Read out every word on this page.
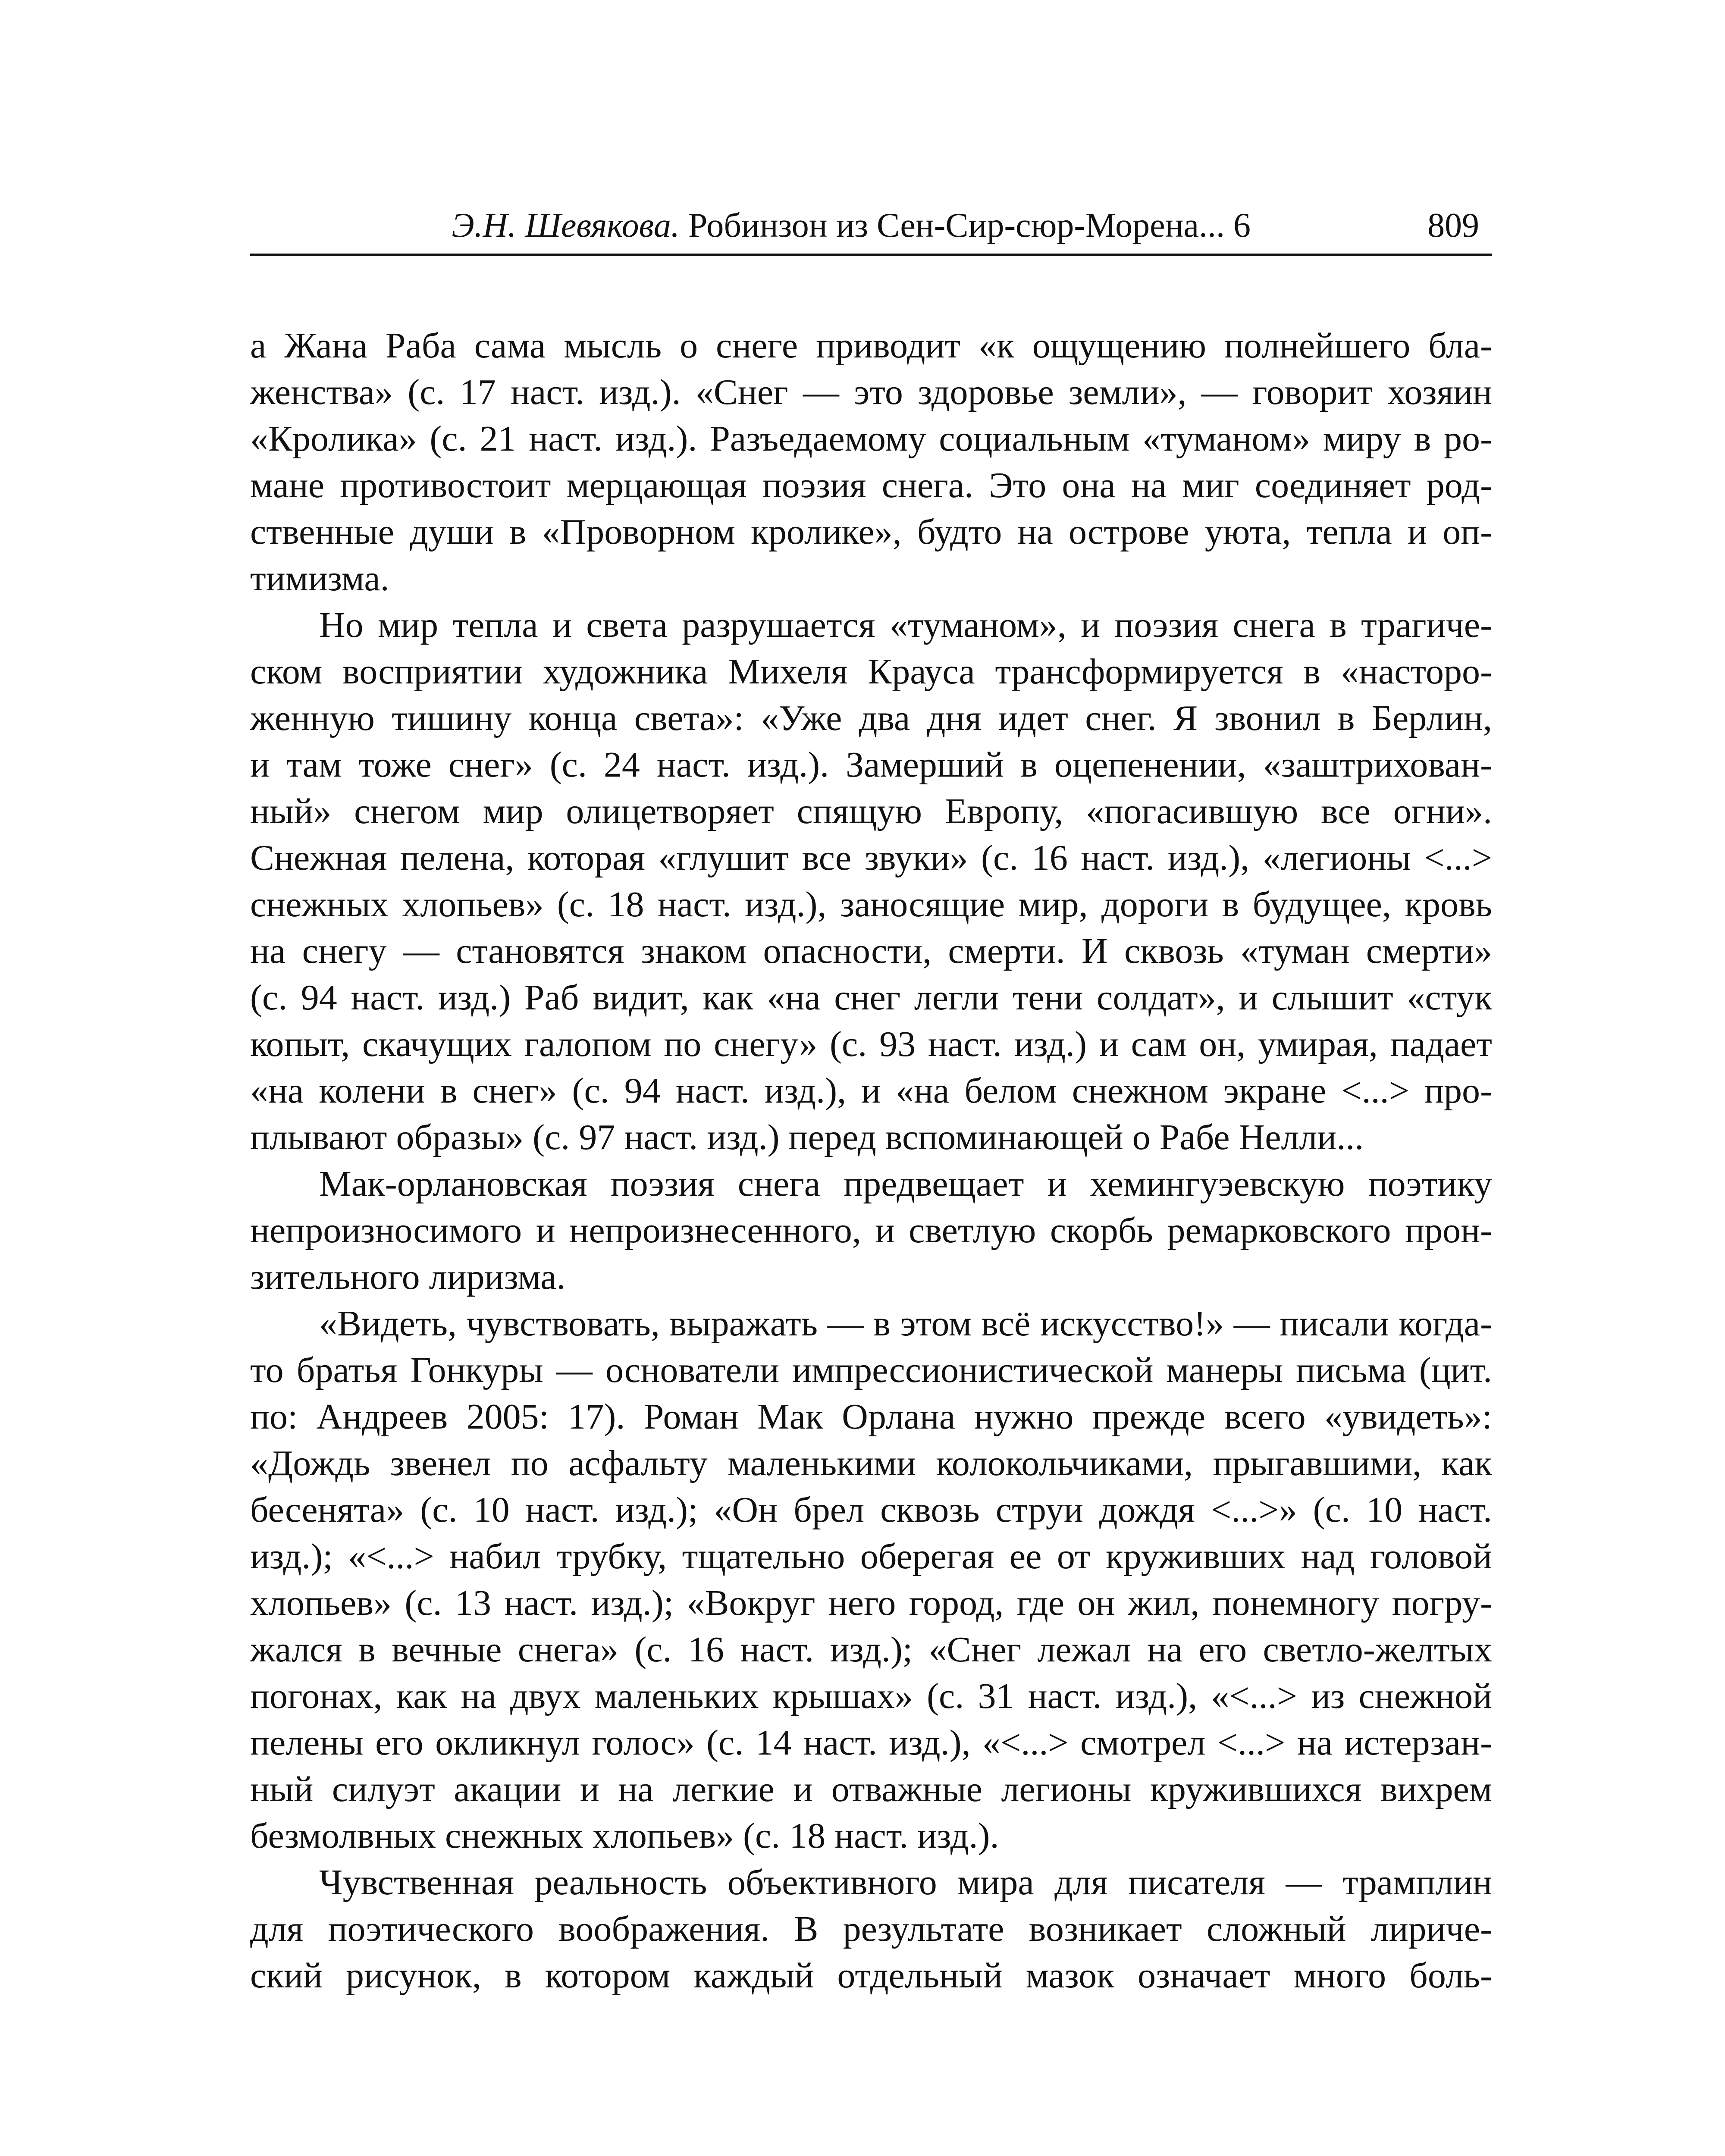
Э.Н. Шевякова. Робинзон из Сен-Сир-сюр-Морена... 6	809
а Жана Раба сама мысль о снеге приводит «к ощущению полнейшего бла-
женства» (с. 17 наст. изд.). «Снег — это здоровье земли», — говорит хозяин
«Кролика» (с. 21 наст. изд.). Разъедаемому социальным «туманом» миру в ро-
мане противостоит мерцающая поэзия снега. Это она на миг соединяет род-
ственные души в «Проворном кролике», будто на острове уюта, тепла и оп-
тимизма.
Но мир тепла и света разрушается «туманом», и поэзия снега в трагиче-
ском восприятии художника Михеля Крауса трансформируется в «насторо-
женную тишину конца света»: «Уже два дня идет снег. Я звонил в Берлин,
и там тоже снег» (с. 24 наст. изд.). Замерший в оцепенении, «заштрихован-
ный» снегом мир олицетворяет спящую Европу, «погасившую все огни».
Снежная пелена, которая «глушит все звуки» (с. 16 наст. изд.), «легионы <...>
снежных хлопьев» (с. 18 наст. изд.), заносящие мир, дороги в будущее, кровь
на снегу — становятся знаком опасности, смерти. И сквозь «туман смерти»
(с. 94 наст. изд.) Раб видит, как «на снег легли тени солдат», и слышит «стук
копыт, скачущих галопом по снегу» (с. 93 наст. изд.) и сам он, умирая, падает
«на колени в снег» (с. 94 наст. изд.), и «на белом снежном экране <...> про-
плывают образы» (с. 97 наст. изд.) перед вспоминающей о Рабе Нелли...
Мак-орлановская поэзия снега предвещает и хемингуэевскую поэтику
непроизносимого и непроизнесенного, и светлую скорбь ремарковского прон-
зительного лиризма.
«Видеть, чувствовать, выражать — в этом всё искусство!» — писали когда-
то братья Гонкуры — основатели импрессионистической манеры письма (цит.
по: Андреев 2005: 17). Роман Мак Орлана нужно прежде всего «увидеть»:
«Дождь звенел по асфальту маленькими колокольчиками, прыгавшими, как
бесенята» (с. 10 наст. изд.); «Он брел сквозь струи дождя <...>» (с. 10 наст.
изд.); «<...> набил трубку, тщательно оберегая ее от круживших над головой
хлопьев» (с. 13 наст. изд.); «Вокруг него город, где он жил, понемногу погру-
жался в вечные снега» (с. 16 наст. изд.); «Снег лежал на его светло-желтых
погонах, как на двух маленьких крышах» (с. 31 наст. изд.), «<...> из снежной
пелены его окликнул голос» (с. 14 наст. изд.), «<...> смотрел <...> на истерзан-
ный силуэт акации и на легкие и отважные легионы кружившихся вихрем
безмолвных снежных хлопьев» (с. 18 наст. изд.).
Чувственная реальность объективного мира для писателя — трамплин
для поэтического воображения. В результате возникает сложный лириче-
ский рисунок, в котором каждый отдельный мазок означает много боль-
